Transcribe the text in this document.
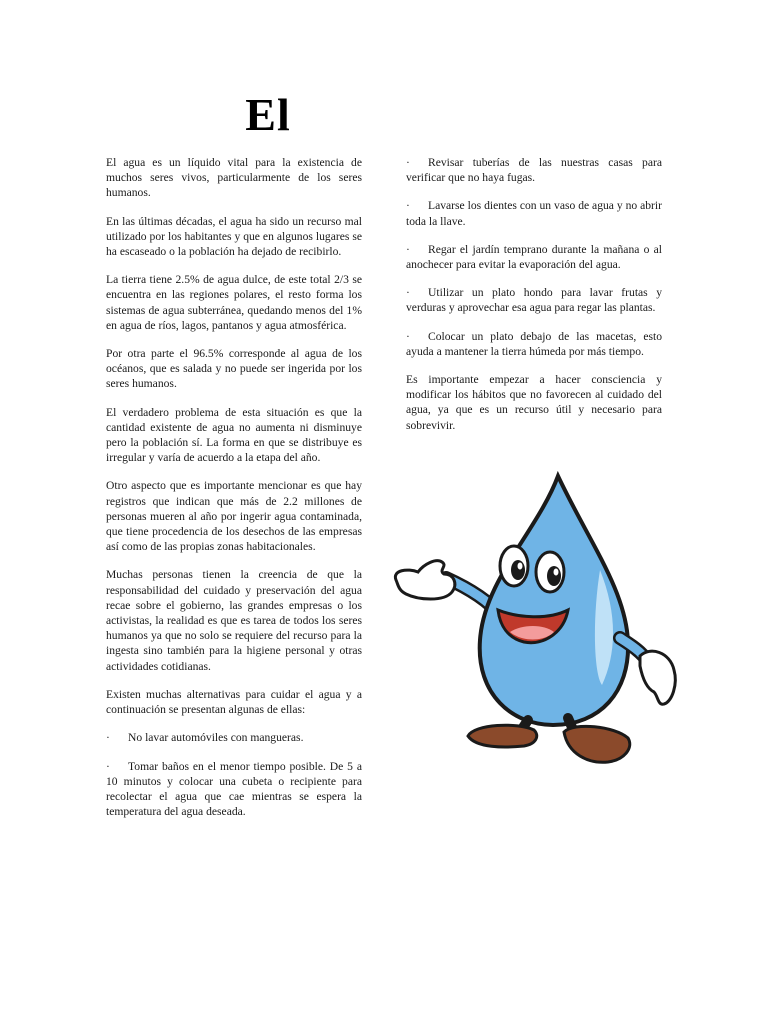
El

El agua es un líquido vital para la existencia de muchos seres vivos, particularmente de los seres humanos.

En las últimas décadas, el agua ha sido un recurso mal utilizado por los habitantes y que en algunos lugares se ha escaseado o la población ha dejado de recibirlo.

La tierra tiene 2.5% de agua dulce, de este total 2/3 se encuentra en las regiones polares, el resto forma los sistemas de agua subterránea, quedando menos del 1% en agua de ríos, lagos, pantanos y agua atmosférica.

Por otra parte el 96.5% corresponde al agua de los océanos, que es salada y no puede ser ingerida por los seres humanos.

El verdadero problema de esta situación es que la cantidad existente de agua no aumenta ni disminuye pero la población sí. La forma en que se distribuye es irregular y varía de acuerdo a la etapa del año.

Otro aspecto que es importante mencionar es que hay registros que indican que más de 2.2 millones de personas mueren al año por ingerir agua contaminada, que tiene procedencia de los desechos de las empresas así como de las propias zonas habitacionales.

Muchas personas tienen la creencia de que la responsabilidad del cuidado y preservación del agua recae sobre el gobierno, las grandes empresas o los activistas, la realidad es que es tarea de todos los seres humanos ya que no solo se requiere del recurso para la ingesta sino también para la higiene personal y otras actividades cotidianas.

Existen muchas alternativas para cuidar el agua y a continuación se presentan algunas de ellas:

· No lavar automóviles con mangueras.

· Tomar baños en el menor tiempo posible. De 5 a 10 minutos y colocar una cubeta o recipiente para recolectar el agua que cae mientras se espera la temperatura del agua deseada.

· Revisar tuberías de las nuestras casas para verificar que no haya fugas.

· Lavarse los dientes con un vaso de agua y no abrir toda la llave.

· Regar el jardín temprano durante la mañana o al anochecer para evitar la evaporación del agua.

· Utilizar un plato hondo para lavar frutas y verduras y aprovechar esa agua para regar las plantas.

· Colocar un plato debajo de las macetas, esto ayuda a mantener la tierra húmeda por más tiempo.

Es importante empezar a hacer consciencia y modificar los hábitos que no favorecen al cuidado del agua, ya que es un recurso útil y necesario para sobrevivir.
